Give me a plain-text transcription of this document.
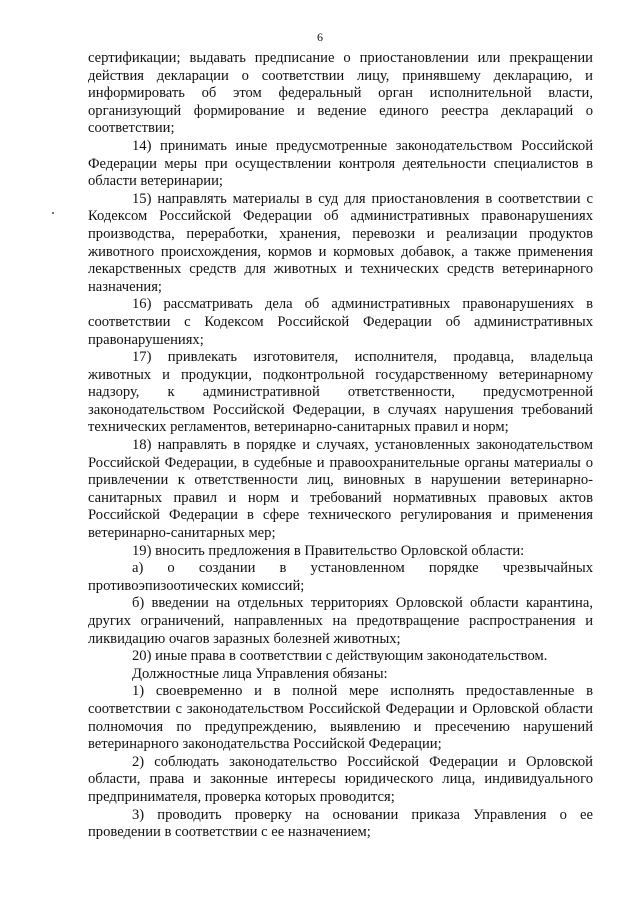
6

сертификации; выдавать предписание о приостановлении или прекращении действия декларации о соответствии лицу, принявшему декларацию, и информировать об этом федеральный орган исполнительной власти, организующий формирование и ведение единого реестра деклараций о соответствии;

14) принимать иные предусмотренные законодательством Российской Федерации меры при осуществлении контроля деятельности специалистов в области ветеринарии;

15) направлять материалы в суд для приостановления в соответствии с Кодексом Российской Федерации об административных правонарушениях производства, переработки, хранения, перевозки и реализации продуктов животного происхождения, кормов и кормовых добавок, а также применения лекарственных средств для животных и технических средств ветеринарного назначения;

16) рассматривать дела об административных правонарушениях в соответствии с Кодексом Российской Федерации об административных правонарушениях;

17) привлекать изготовителя, исполнителя, продавца, владельца животных и продукции, подконтрольной государственному ветеринарному надзору, к административной ответственности, предусмотренной законодательством Российской Федерации, в случаях нарушения требований технических регламентов, ветеринарно-санитарных правил и норм;

18) направлять в порядке и случаях, установленных законодательством Российской Федерации, в судебные и правоохранительные органы материалы о привлечении к ответственности лиц, виновных в нарушении ветеринарно-санитарных правил и норм и требований нормативных правовых актов Российской Федерации в сфере технического регулирования и применения ветеринарно-санитарных мер;

19) вносить предложения в Правительство Орловской области:

а) о создании в установленном порядке чрезвычайных противоэпизоотических комиссий;

б) введении на отдельных территориях Орловской области карантина, других ограничений, направленных на предотвращение распространения и ликвидацию очагов заразных болезней животных;

20) иные права в соответствии с действующим законодательством.

Должностные лица Управления обязаны:

1) своевременно и в полной мере исполнять предоставленные в соответствии с законодательством Российской Федерации и Орловской области полномочия по предупреждению, выявлению и пресечению нарушений ветеринарного законодательства Российской Федерации;

2) соблюдать законодательство Российской Федерации и Орловской области, права и законные интересы юридического лица, индивидуального предпринимателя, проверка которых проводится;

3) проводить проверку на основании приказа Управления о ее проведении в соответствии с ее назначением;
